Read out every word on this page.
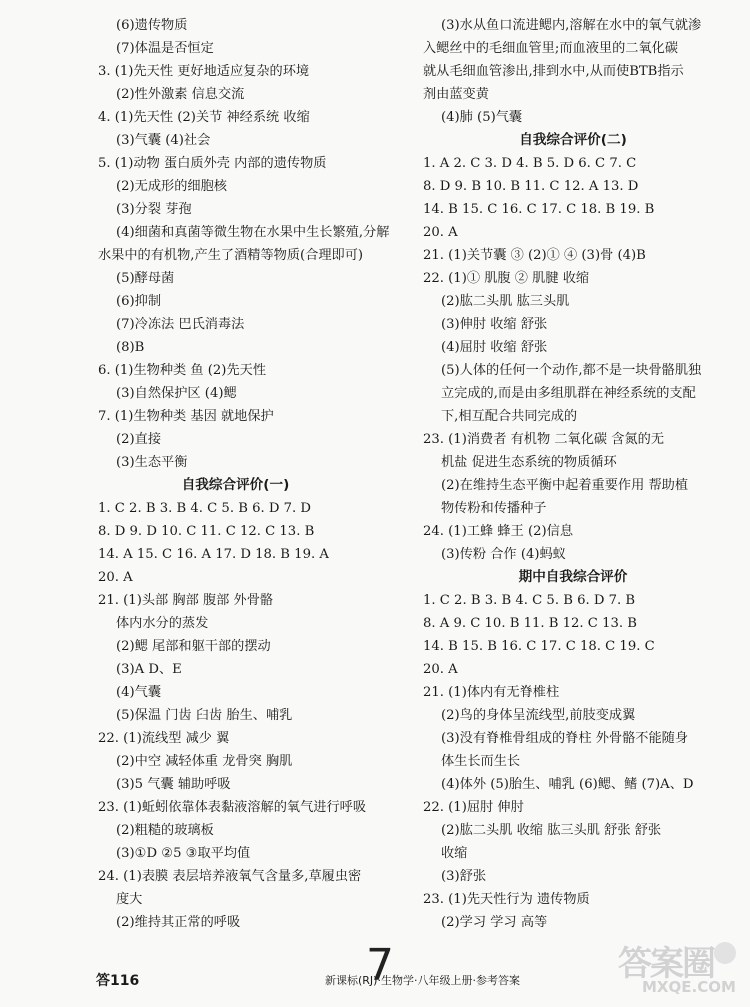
(6)遗传物质
(7)体温是否恒定
3. (1)先天性 更好地适应复杂的环境
(2)性外激素 信息交流
4. (1)先天性 (2)关节 神经系统 收缩
(3)气囊 (4)社会
5. (1)动物 蛋白质外壳 内部的遗传物质
(2)无成形的细胞核
(3)分裂 芽孢
(4)细菌和真菌等微生物在水果中生长繁殖,分解
水果中的有机物,产生了酒精等物质(合理即可)
(5)酵母菌
(6)抑制
(7)冷冻法 巴氏消毒法
(8)B
6. (1)生物种类 鱼 (2)先天性
(3)自然保护区 (4)鳃
7. (1)生物种类 基因 就地保护
(2)直接
(3)生态平衡
自我综合评价(一)
1. C 2. B 3. B 4. C 5. B 6. D 7. D
8. D 9. D 10. C 11. C 12. C 13. B
14. A 15. C 16. A 17. D 18. B 19. A
20. A
21. (1)头部 胸部 腹部 外骨骼
体内水分的蒸发
(2)鳃 尾部和躯干部的摆动
(3)A D、E
(4)气囊
(5)保温 门齿 臼齿 胎生、哺乳
22. (1)流线型 减少 翼
(2)中空 减轻体重 龙骨突 胸肌
(3)5 气囊 辅助呼吸
23. (1)蚯蚓依靠体表黏液溶解的氧气进行呼吸
(2)粗糙的玻璃板
(3)①D ②5 ③取平均值
24. (1)表膜 表层培养液氧气含量多,草履虫密
度大
(2)维持其正常的呼吸
(3)水从鱼口流进鳃内,溶解在水中的氧气就渗
入鳃丝中的毛细血管里;而血液里的二氧化碳
就从毛细血管渗出,排到水中,从而使BTB指示
剂由蓝变黄
(4)肺 (5)气囊
自我综合评价(二)
1. A 2. C 3. D 4. B 5. D 6. C 7. C
8. D 9. B 10. B 11. C 12. A 13. D
14. B 15. C 16. C 17. C 18. B 19. B
20. A
21. (1)关节囊 ③ (2)① ④ (3)骨 (4)B
22. (1)① 肌腹 ② 肌腱 收缩
(2)肱二头肌 肱三头肌
(3)伸肘 收缩 舒张
(4)屈肘 收缩 舒张
(5)人体的任何一个动作,都不是一块骨骼肌独
立完成的,而是由多组肌群在神经系统的支配
下,相互配合共同完成的
23. (1)消费者 有机物 二氧化碳 含氮的无
机盐 促进生态系统的物质循环
(2)在维持生态平衡中起着重要作用 帮助植
物传粉和传播种子
24. (1)工蜂 蜂王 (2)信息
(3)传粉 合作 (4)蚂蚁
期中自我综合评价
1. C 2. B 3. B 4. C 5. B 6. D 7. B
8. A 9. C 10. B 11. B 12. C 13. B
14. B 15. B 16. C 17. C 18. C 19. C
20. A
21. (1)体内有无脊椎柱
(2)鸟的身体呈流线型,前肢变成翼
(3)没有脊椎骨组成的脊柱 外骨骼不能随身
体生长而生长
(4)体外 (5)胎生、哺乳 (6)鳃、鳍 (7)A、D
22. (1)屈肘 伸肘
(2)肱二头肌 收缩 肱三头肌 舒张 舒张
收缩
(3)舒张
23. (1)先天性行为 遗传物质
(2)学习 学习 高等
答116	新课标(RJ)·生物学·八年级上册·参考答案
7	答案圈
MXQE.COM
